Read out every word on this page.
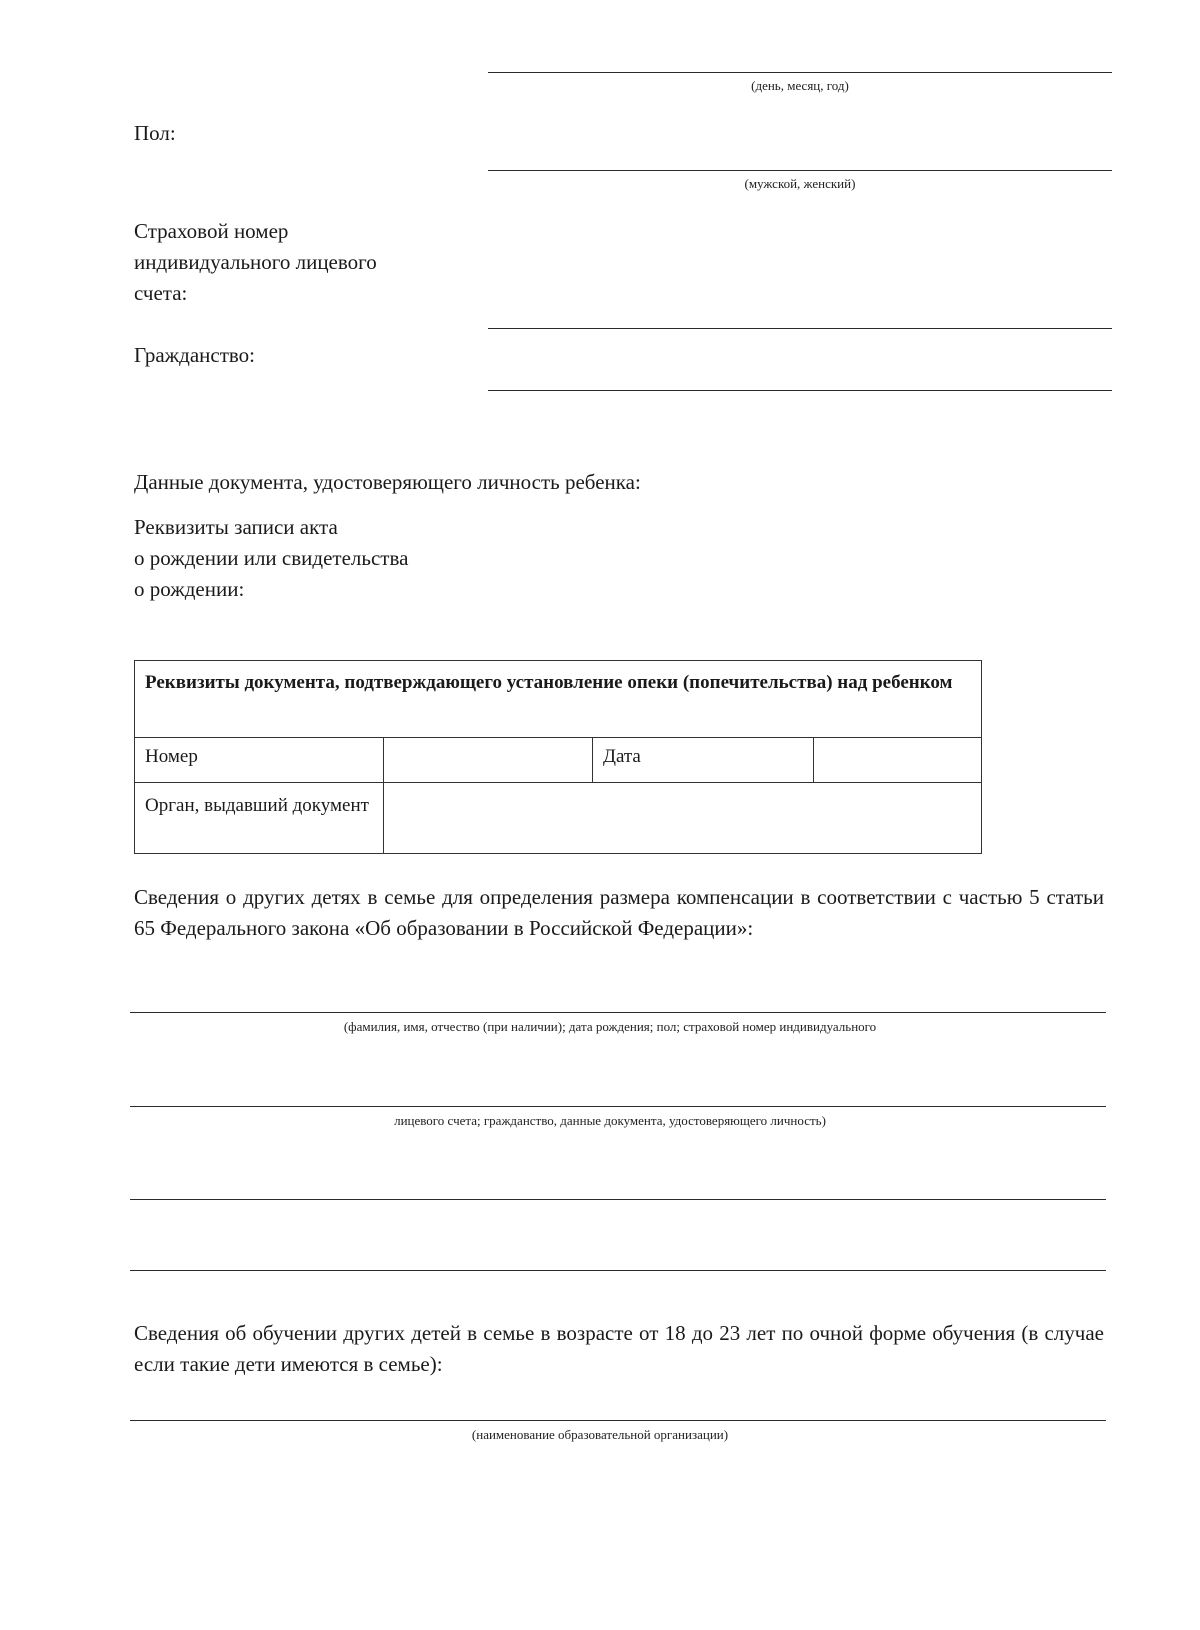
(день, месяц, год)
Пол:
(мужской, женский)
Страховой номер
индивидуального лицевого
счета:
Гражданство:
Данные документа, удостоверяющего личность ребенка:
Реквизиты записи акта
о рождении или свидетельства
о рождении:
Реквизиты документа, подтверждающего установление опеки (попечительства) над ребенком			
Номер		Дата	
Орган, выдавший документ			
Сведения о других детях в семье для определения размера компенсации в соответствии с частью 5 статьи 65 Федерального закона «Об образовании в Российской Федерации»:
(фамилия, имя, отчество (при наличии); дата рождения; пол; страховой номер индивидуального
лицевого счета; гражданство, данные документа, удостоверяющего личность)
Сведения об обучении других детей в семье в возрасте от 18 до 23 лет по очной форме обучения (в случае если такие дети имеются в семье):
(наименование образовательной организации)
